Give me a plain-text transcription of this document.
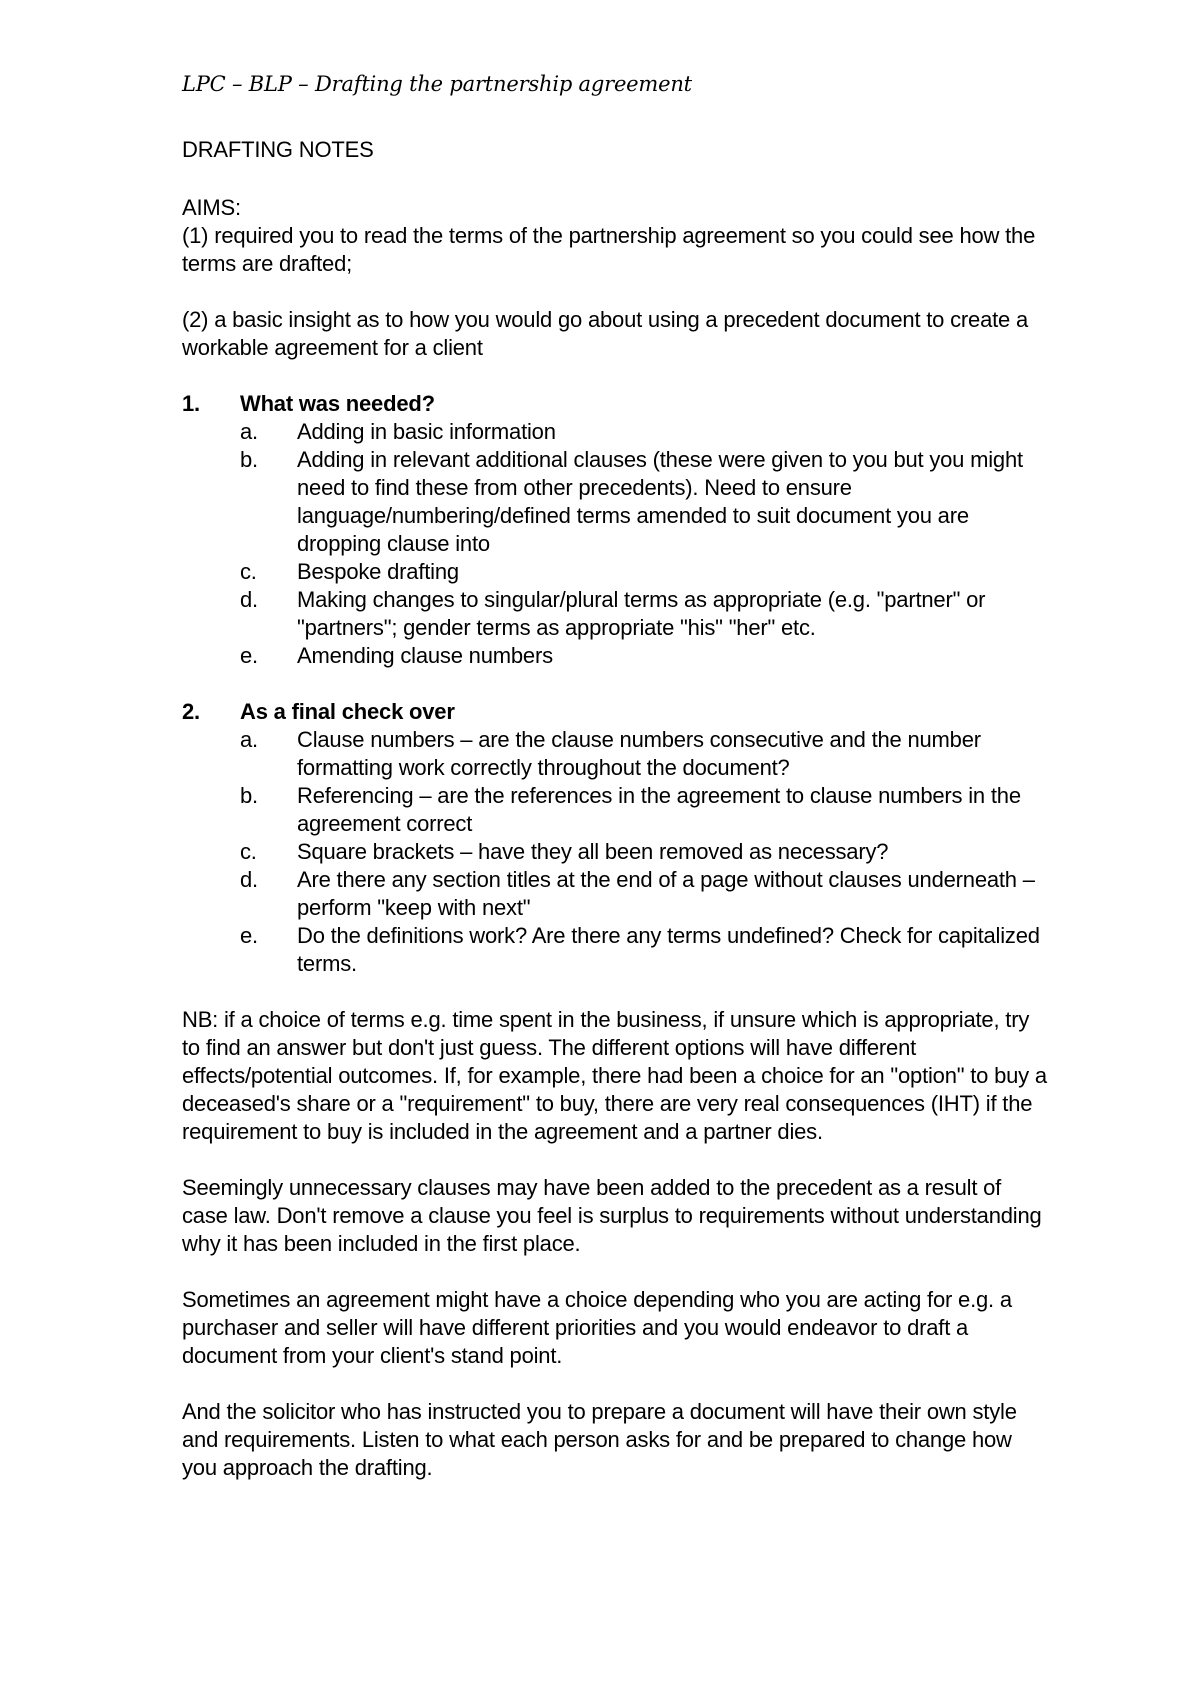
LPC – BLP – Drafting the partnership agreement
DRAFTING NOTES
AIMS:
(1) required you to read the terms of the partnership agreement so you could see how the terms are drafted;
(2) a basic insight as to how you would go about using a precedent document to create a workable agreement for a client
1.	What was needed?
a.	Adding in basic information
b.	Adding in relevant additional clauses (these were given to you but you might need to find these from other precedents). Need to ensure language/numbering/defined terms amended to suit document you are dropping clause into
c.	Bespoke drafting
d.	Making changes to singular/plural terms as appropriate (e.g. "partner" or "partners"; gender terms as appropriate "his" "her" etc.
e.	Amending clause numbers
2.	As a final check over
a.	Clause numbers – are the clause numbers consecutive and the number formatting work correctly throughout the document?
b.	Referencing – are the references in the agreement to clause numbers in the agreement correct
c.	Square brackets – have they all been removed as necessary?
d.	Are there any section titles at the end of a page without clauses underneath – perform "keep with next"
e.	Do the definitions work? Are there any terms undefined? Check for capitalized terms.
NB: if a choice of terms e.g. time spent in the business, if unsure which is appropriate, try to find an answer but don't just guess. The different options will have different effects/potential outcomes. If, for example, there had been a choice for an "option" to buy a deceased's share or a "requirement" to buy, there are very real consequences (IHT) if the requirement to buy is included in the agreement and a partner dies.
Seemingly unnecessary clauses may have been added to the precedent as a result of case law. Don't remove a clause you feel is surplus to requirements without understanding why it has been included in the first place.
Sometimes an agreement might have a choice depending who you are acting for e.g. a purchaser and seller will have different priorities and you would endeavor to draft a document from your client's stand point.
And the solicitor who has instructed you to prepare a document will have their own style and requirements. Listen to what each person asks for and be prepared to change how you approach the drafting.
